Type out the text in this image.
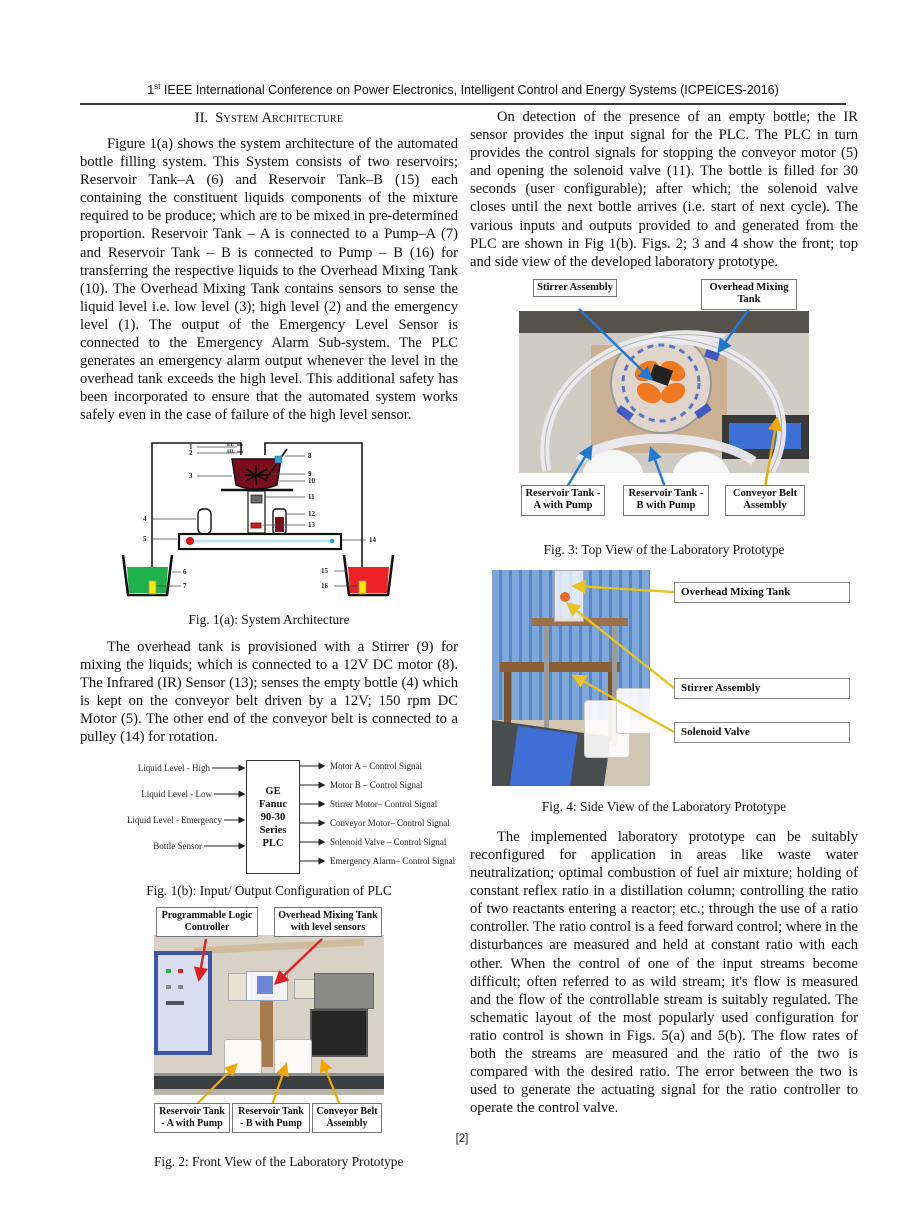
1st IEEE International Conference on Power Electronics, Intelligent Control and Energy Systems (ICPEICES-2016)
II. System Architecture

Figure 1(a) shows the system architecture of the automated bottle filling system. This System consists of two reservoirs; Reservoir Tank–A (6) and Reservoir Tank–B (15) each containing the constituent liquids components of the mixture required to be produce; which are to be mixed in pre-determined proportion. Reservoir Tank – A is connected to a Pump–A (7) and Reservoir Tank – B is connected to Pump – B (16) for transferring the respective liquids to the Overhead Mixing Tank (10). The Overhead Mixing Tank contains sensors to sense the liquid level i.e. low level (3); high level (2) and the emergency level (1). The output of the Emergency Level Sensor is connected to the Emergency Alarm Sub-system. The PLC generates an emergency alarm output whenever the level in the overhead tank exceeds the high level. This additional safety has been incorporated to ensure that the automated system works safely even in the case of failure of the high level sensor.

1
2
3
4
5
6
7
8
9
10
11
12
13
14
15
16
EL
HL
LL
Fig. 1(a): System Architecture

The overhead tank is provisioned with a Stirrer (9) for mixing the liquids; which is connected to a 12V DC motor (8). The Infrared (IR) Sensor (13); senses the empty bottle (4) which is kept on the conveyor belt driven by a 12V; 150 rpm DC Motor (5). The other end of the conveyor belt is connected to a pulley (14) for rotation.

Liquid Level - High
Liquid Level - Low
Liquid Level - Emergency
Bottle Sensor
GE
Fanuc
90-30
Series
PLC
Motor A – Control Signal
Motor B – Control Signal
Stirrer Motor– Control Signal
Conveyor Motor– Control Signal
Solenoid Valve – Control Signal
Emergency Alarm– Control Signal
Fig. 1(b): Input/ Output Configuration of PLC
Programmable Logic Controller
Overhead Mixing Tank with level sensors
Reservoir Tank - A with Pump
Reservoir Tank - B with Pump
Conveyor Belt Assembly
Fig. 2: Front View of the Laboratory Prototype

On detection of the presence of an empty bottle; the IR sensor provides the input signal for the PLC. The PLC in turn provides the control signals for stopping the conveyor motor (5) and opening the solenoid valve (11). The bottle is filled for 30 seconds (user configurable); after which; the solenoid valve closes until the next bottle arrives (i.e. start of next cycle). The various inputs and outputs provided to and generated from the PLC are shown in Fig 1(b). Figs. 2; 3 and 4 show the front; top and side view of the developed laboratory prototype.

Stirrer Assembly	Overhead Mixing Tank
Reservoir Tank - A with Pump
Reservoir Tank - B with Pump
Conveyor Belt Assembly
Fig. 3: Top View of the Laboratory Prototype
Overhead Mixing Tank
Stirrer Assembly
Solenoid Valve
Fig. 4: Side View of the Laboratory Prototype

The implemented laboratory prototype can be suitably reconfigured for application in areas like waste water neutralization; optimal combustion of fuel air mixture; holding of constant reflex ratio in a distillation column; controlling the ratio of two reactants entering a reactor; etc.; through the use of a ratio controller. The ratio control is a feed forward control; where in the disturbances are measured and held at constant ratio with each other. When the control of one of the input streams become difficult; often referred to as wild stream; it's flow is measured and the flow of the controllable stream is suitably regulated. The schematic layout of the most popularly used configuration for ratio control is shown in Figs. 5(a) and 5(b). The flow rates of both the streams are measured and the ratio of the two is compared with the desired ratio. The error between the two is used to generate the actuating signal for the ratio controller to operate the control valve.

[2]
